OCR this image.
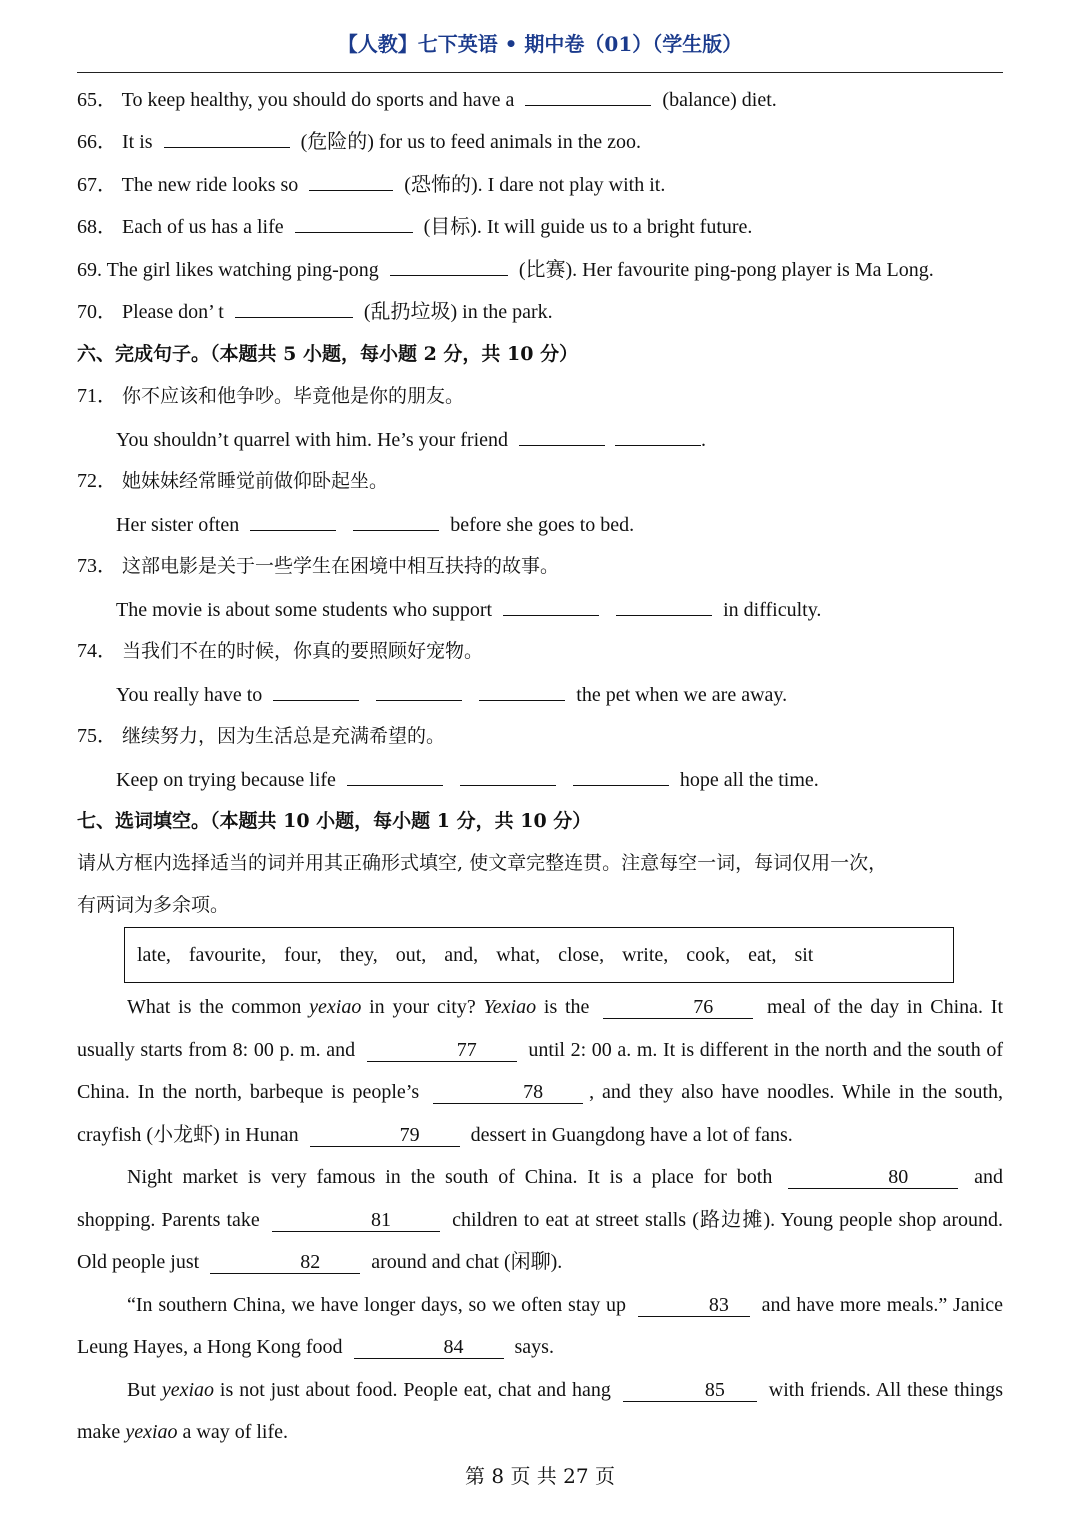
【人教】七下英语 • 期中卷（01）（学生版）
65． To keep healthy, you should do sports and have a	(balance) diet.
66． It is	(危险的) for us to feed animals in the zoo.
67． The new ride looks so	(恐怖的). I dare not play with it.
68． Each of us has a life	(目标). It will guide us to a bright future.
69. The girl likes watching ping-pong	(比赛). Her favourite ping-pong player is Ma Long.
70． Please don’ t	(乱扔垃圾) in the park.
六、完成句子。（本题共 5 小题，每小题 2 分，共 10 分）
71． 你不应该和他争吵。毕竟他是你的朋友。
You shouldn’t quarrel with him. He’s your friend	.
72． 她妹妹经常睡觉前做仰卧起坐。
Her sister often	before she goes to bed.
73． 这部电影是关于一些学生在困境中相互扶持的故事。
The movie is about some students who support	in difficulty.
74． 当我们不在的时候，你真的要照顾好宠物。
You really have to	the pet when we are away.
75． 继续努力，因为生活总是充满希望的。
Keep on trying because life	hope all the time.
七、选词填空。（本题共 10 小题，每小题 1 分，共 10 分）
请从方框内选择适当的词并用其正确形式填空, 使文章完整连贯。注意每空一词，每词仅用一次，
有两词为多余项。
late, favourite, four, they, out, and, what, close, write, cook, eat, sit

What is the common yexiao in your city? Yexiao is the	76	meal of the day in China. It usually starts from 8: 00 p. m. and	77	until 2: 00 a. m. It is different in the north and the south of China. In the north, barbeque is people’s	78 , and they also have noodles. While in the south, crayfish (小龙虾) in Hunan	79	dessert in Guangdong have a lot of fans.

Night market is very famous in the south of China. It is a place for both	80	and shopping. Parents take	81	children to eat at street stalls (路边摊). Young people shop around. Old people just	82	around and chat (闲聊).

“In southern China, we have longer days, so we often stay up	83 and have more meals.” Janice Leung Hayes, a Hong Kong food	84	says.

But yexiao is not just about food. People eat, chat and hang	85 with friends. All these things make yexiao a way of life.

第 8 页 共 27 页
